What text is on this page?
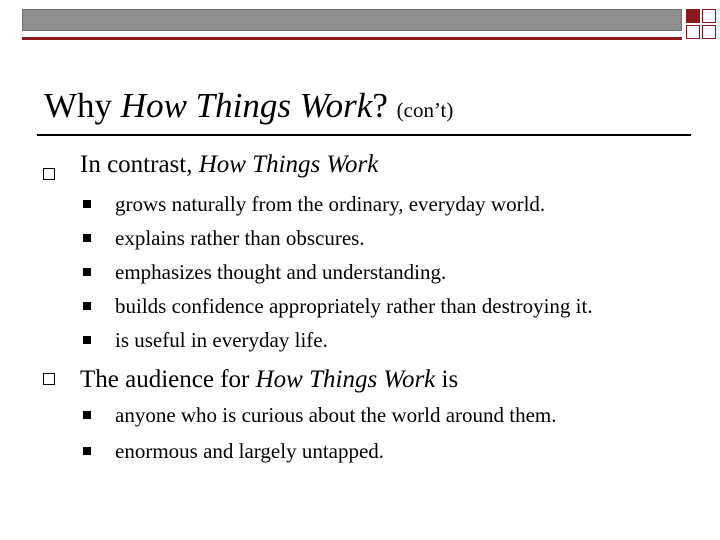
Why How Things Work? (con’t)
In contrast, How Things Work
grows naturally from the ordinary, everyday world.
explains rather than obscures.
emphasizes thought and understanding.
builds confidence appropriately rather than destroying it.
is useful in everyday life.
The audience for How Things Work is
anyone who is curious about the world around them.
enormous and largely untapped.
